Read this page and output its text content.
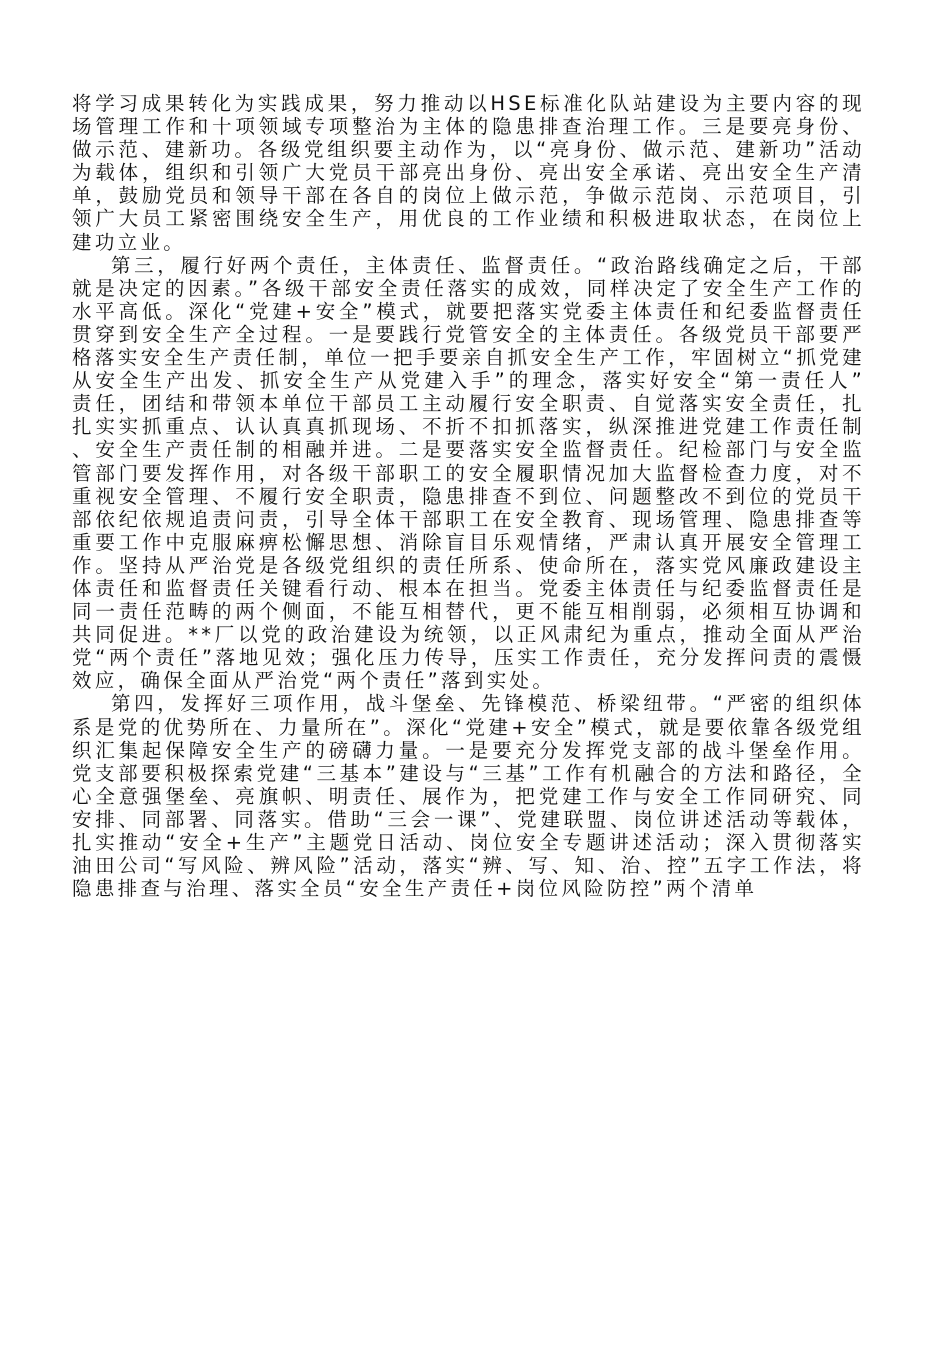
将学习成果转化为实践成果，努力推动以HSE标准化队站建设为主要内容的现场管理工作和十项领域专项整治为主体的隐患排查治理工作。三是要亮身份、做示范、建新功。各级党组织要主动作为，以“亮身份、做示范、建新功”活动为载体，组织和引领广大党员干部亮出身份、亮出安全承诺、亮出安全生产清单，鼓励党员和领导干部在各自的岗位上做示范，争做示范岗、示范项目，引领广大员工紧密围绕安全生产，用优良的工作业绩和积极进取状态，在岗位上建功立业。

第三，履行好两个责任，主体责任、监督责任。“政治路线确定之后，干部就是决定的因素。”各级干部安全责任落实的成效，同样决定了安全生产工作的水平高低。深化“党建+安全”模式，就要把落实党委主体责任和纪委监督责任贯穿到安全生产全过程。一是要践行党管安全的主体责任。各级党员干部要严格落实安全生产责任制，单位一把手要亲自抓安全生产工作，牢固树立“抓党建从安全生产出发、抓安全生产从党建入手”的理念，落实好安全“第一责任人”责任，团结和带领本单位干部员工主动履行安全职责、自觉落实安全责任，扎扎实实抓重点、认认真真抓现场、不折不扣抓落实，纵深推进党建工作责任制、安全生产责任制的相融并进。二是要落实安全监督责任。纪检部门与安全监管部门要发挥作用，对各级干部职工的安全履职情况加大监督检查力度，对不重视安全管理、不履行安全职责，隐患排查不到位、问题整改不到位的党员干部依纪依规追责问责，引导全体干部职工在安全教育、现场管理、隐患排查等重要工作中克服麻痹松懈思想、消除盲目乐观情绪，严肃认真开展安全管理工作。坚持从严治党是各级党组织的责任所系、使命所在，落实党风廉政建设主体责任和监督责任关键看行动、根本在担当。党委主体责任与纪委监督责任是同一责任范畴的两个侧面，不能互相替代，更不能互相削弱，必须相互协调和共同促进。**厂以党的政治建设为统领，以正风肃纪为重点，推动全面从严治党“两个责任”落地见效；强化压力传导，压实工作责任，充分发挥问责的震慑效应，确保全面从严治党“两个责任”落到实处。

第四，发挥好三项作用，战斗堡垒、先锋模范、桥梁纽带。“严密的组织体系是党的优势所在、力量所在”。深化“党建+安全”模式，就是要依靠各级党组织汇集起保障安全生产的磅礴力量。一是要充分发挥党支部的战斗堡垒作用。党支部要积极探索党建“三基本”建设与“三基”工作有机融合的方法和路径，全心全意强堡垒、亮旗帜、明责任、展作为，把党建工作与安全工作同研究、同安排、同部署、同落实。借助“三会一课”、党建联盟、岗位讲述活动等载体，扎实推动“安全+生产”主题党日活动、岗位安全专题讲述活动；深入贯彻落实油田公司“写风险、辨风险”活动，落实“辨、写、知、治、控”五字工作法，将隐患排查与治理、落实全员“安全生产责任+岗位风险防控”两个清单
